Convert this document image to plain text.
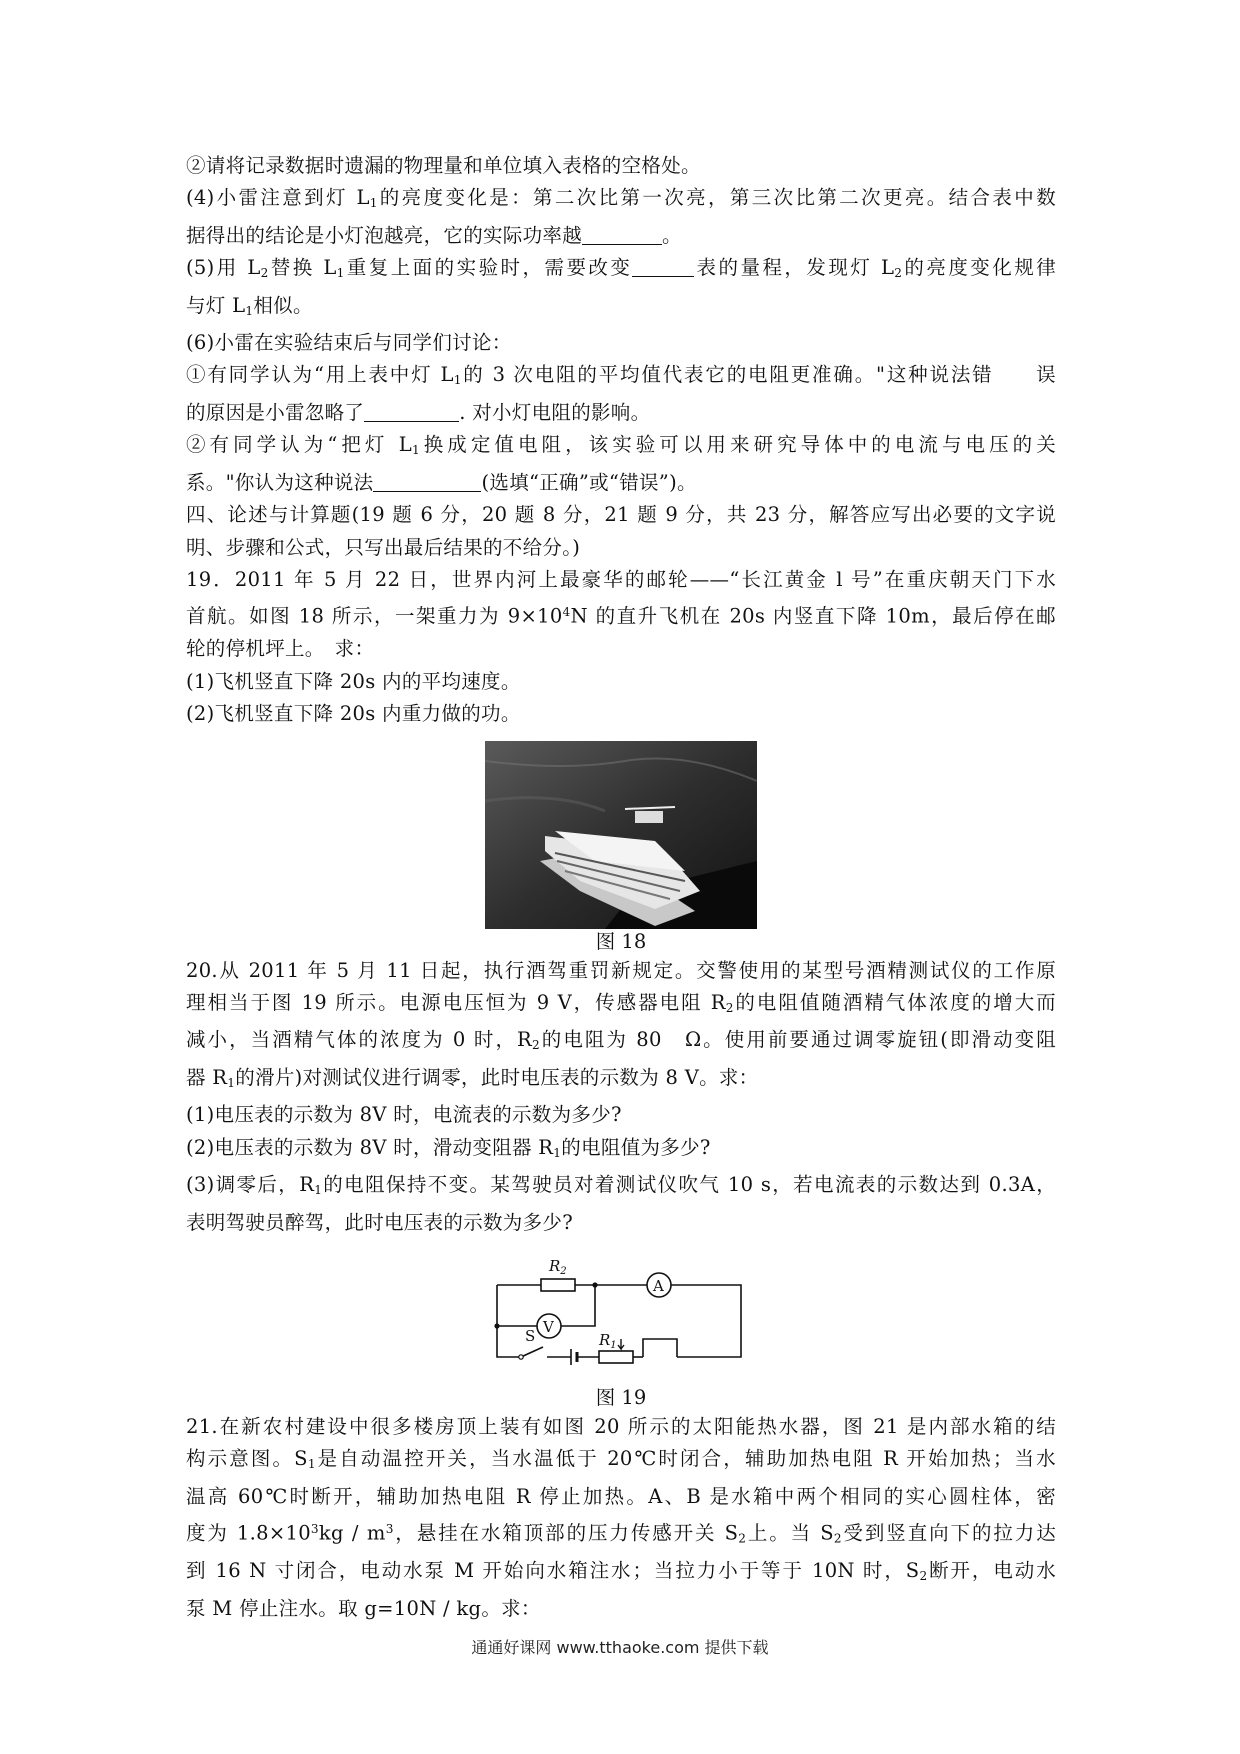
②请将记录数据时遗漏的物理量和单位填入表格的空格处。
(4)小雷注意到灯 $L_1$的亮度变化是：第二次比第一次亮，第三次比第二次更亮。结合表中数
据得出的结论是小灯泡越亮，它的实际功率越	。
(5)用 $L_2$替换 $L_1$重复上面的实验时，需要改变	表的量程，发现灯 $L_2$的亮度变化规律
与灯 $L_1$相似。
(6)小雷在实验结束后与同学们讨论：
①有同学认为“用上表中灯 $L_1$的 3 次电阻的平均值代表它的电阻更准确。"这种说法错　　误
的原因是小雷忽略了	. 对小灯电阻的影响。
②有同学认为“把灯 $L_1$换成定值电阻，该实验可以用来研究导体中的电流与电压的关
系。"你认为这种说法	(选填“正确”或“错误”)。
四、论述与计算题(19 题 6 分，20 题 8 分，21 题 9 分，共 23 分，解答应写出必要的文字说
明、步骤和公式，只写出最后结果的不给分。)
19．2011 年 5 月 22 日，世界内河上最豪华的邮轮——“长江黄金 l 号”在重庆朝天门下水
首航。如图 18 所示，一架重力为 $9\times 10^4N$ 的直升飞机在 20s 内竖直下降 10m，最后停在邮
轮的停机坪上。　求：
(1)飞机竖直下降 20s 内的平均速度。
(2)飞机竖直下降 20s 内重力做的功。
图 18
20.从 2011 年 5 月 11 日起，执行酒驾重罚新规定。交警使用的某型号酒精测试仪的工作原
理相当于图 19 所示。电源电压恒为 9 V，传感器电阻 $R_2$的电阻值随酒精气体浓度的增大而
减小，当酒精气体的浓度为 0 时，$R_2$的电阻为 80　Ω。使用前要通过调零旋钮(即滑动变阻
器 $R_1$的滑片)对测试仪进行调零，此时电压表的示数为 8 V。求：
(1)电压表的示数为 8V 时，电流表的示数为多少?
(2)电压表的示数为 8V 时，滑动变阻器 $R_1$的电阻值为多少?
(3)调零后，$R_1$的电阻保持不变。某驾驶员对着测试仪吹气 10 s，若电流表的示数达到 0.3A，
表明驾驶员醉驾，此时电压表的示数为多少?
$R_2$
A
V
S	$R_1$
图 19
21.在新农村建设中很多楼房顶上装有如图 20 所示的太阳能热水器，图 21 是内部水箱的结
构示意图。$S_1$是自动温控开关，当水温低于 20℃时闭合，辅助加热电阻 R 开始加热；当水
温高 60℃时断开，辅助加热电阻 R 停止加热。A、B 是水箱中两个相同的实心圆柱体，密
度为 $1.8\times 10^3kg / m^3$，悬挂在水箱顶部的压力传感开关 $S_2$上。当 $S_2$受到竖直向下的拉力达
到 16 N 寸闭合，电动水泵 M 开始向水箱注水；当拉力小于等于 10N 时，$S_2$断开，电动水
泵 M 停止注水。取 g=10N / kg。求：
通通好课网 www.tthaoke.com 提供下载
